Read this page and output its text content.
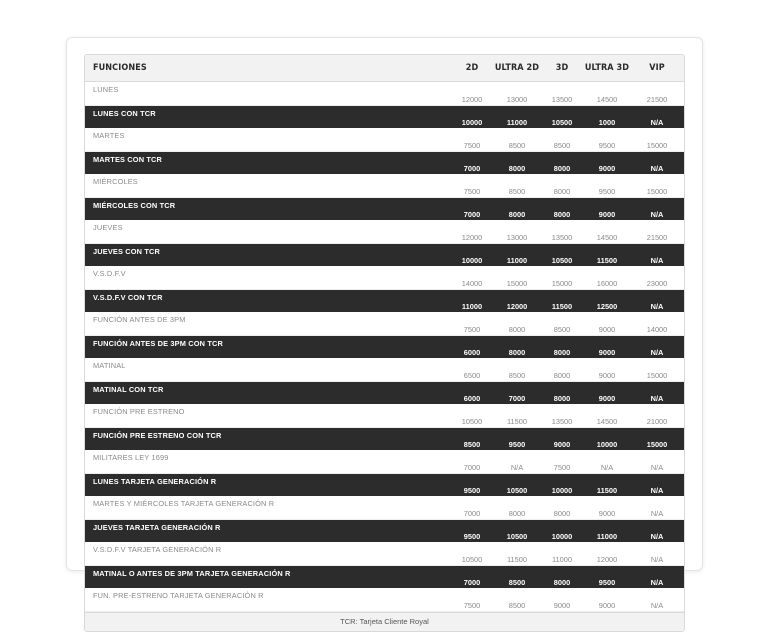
FUNCIONES	2D	ULTRA 2D	3D	ULTRA 3D	VIP
LUNES	12000	13000	13500	14500	21500
LUNES CON TCR	10000	11000	10500	1000	N/A
MARTES	7500	8500	8500	9500	15000
MARTES CON TCR	7000	8000	8000	9000	N/A
MIÉRCOLES	7500	8500	8000	9500	15000
MIÉRCOLES CON TCR	7000	8000	8000	9000	N/A
JUEVES	12000	13000	13500	14500	21500
JUEVES CON TCR	10000	11000	10500	11500	N/A
V.S.D.F.V	14000	15000	15000	16000	23000
V.S.D.F.V CON TCR	11000	12000	11500	12500	N/A
FUNCIÓN ANTES DE 3PM	7500	8000	8500	9000	14000
FUNCIÓN ANTES DE 3PM CON TCR	6000	8000	8000	9000	N/A
MATINAL	6500	8500	8000	9000	15000
MATINAL CON TCR	6000	7000	8000	9000	N/A
FUNCIÓN PRE ESTRENO	10500	11500	13500	14500	21000
FUNCIÓN PRE ESTRENO CON TCR	8500	9500	9000	10000	15000
MILITARES LEY 1699	7000	N/A	7500	N/A	N/A
LUNES TARJETA GENERACIÓN R	9500	10500	10000	11500	N/A
MARTES Y MIÉRCOLES TARJETA GENERACIÓN R	7000	8000	8000	9000	N/A
JUEVES TARJETA GENERACIÓN R	9500	10500	10000	11000	N/A
V.S.D.F.V TARJETA GENERACIÓN R	10500	11500	11000	12000	N/A
MATINAL O ANTES DE 3PM TARJETA GENERACIÓN R	7000	8500	8000	9500	N/A
FUN. PRE-ESTRENO TARJETA GENERACIÓN R	7500	8500	9000	9000	N/A
TCR: Tarjeta Cliente Royal
